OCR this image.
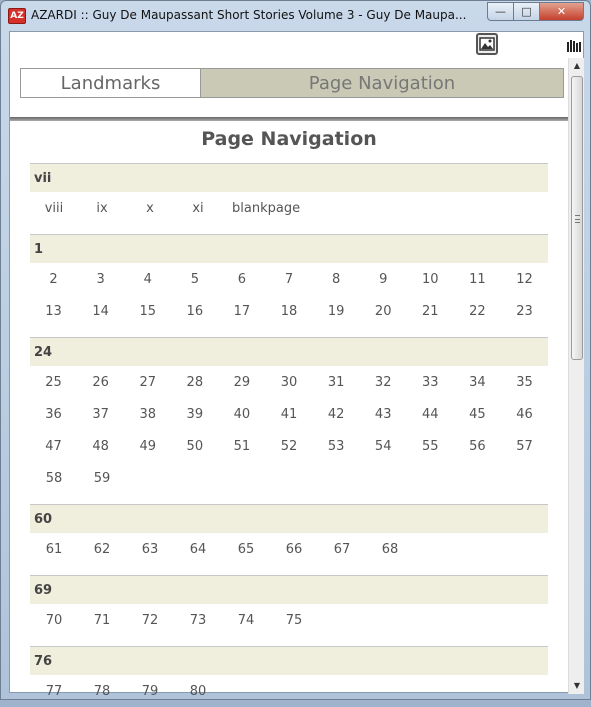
AZ AZARDI :: Guy De Maupassant Short Stories Volume 3 - Guy De Maupa...	—	□	✕
Landmarks	Page Navigation
Page Navigation
vii
viii	ix	x	xi	blankpage
1
2	3	4	5	6	7	8	9	10	11	12
13	14	15	16	17	18	19	20	21	22	23
24
25	26	27	28	29	30	31	32	33	34	35
36	37	38	39	40	41	42	43	44	45	46
47	48	49	50	51	52	53	54	55	56	57
58	59
60
61	62	63	64	65	66	67	68
69
70	71	72	73	74	75
76
77	78	79	80
▲
▼
